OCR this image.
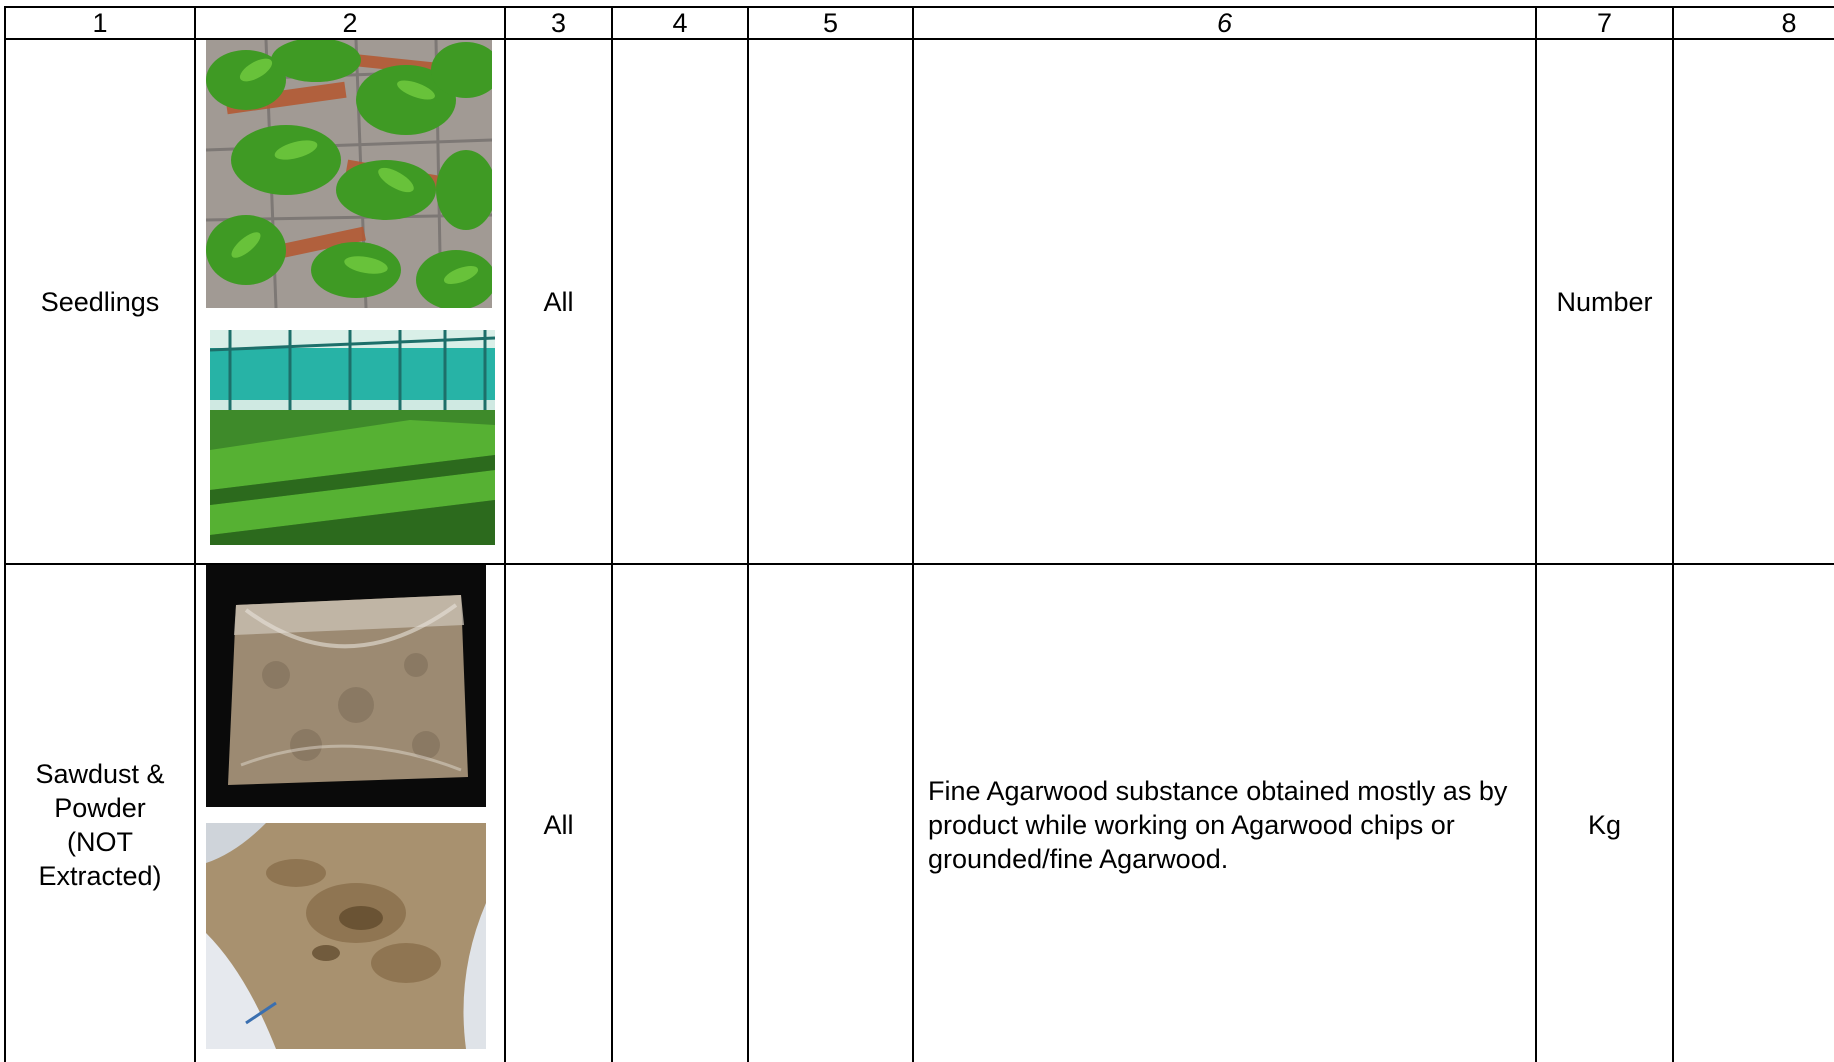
1	2	3	4	5	6	7	8
Seedlings		All				Number	

Sawdust &
Powder
(NOT
Extracted)		All			Fine Agarwood substance obtained mostly as by product while working on Agarwood chips or grounded/fine Agarwood.	Kg	
